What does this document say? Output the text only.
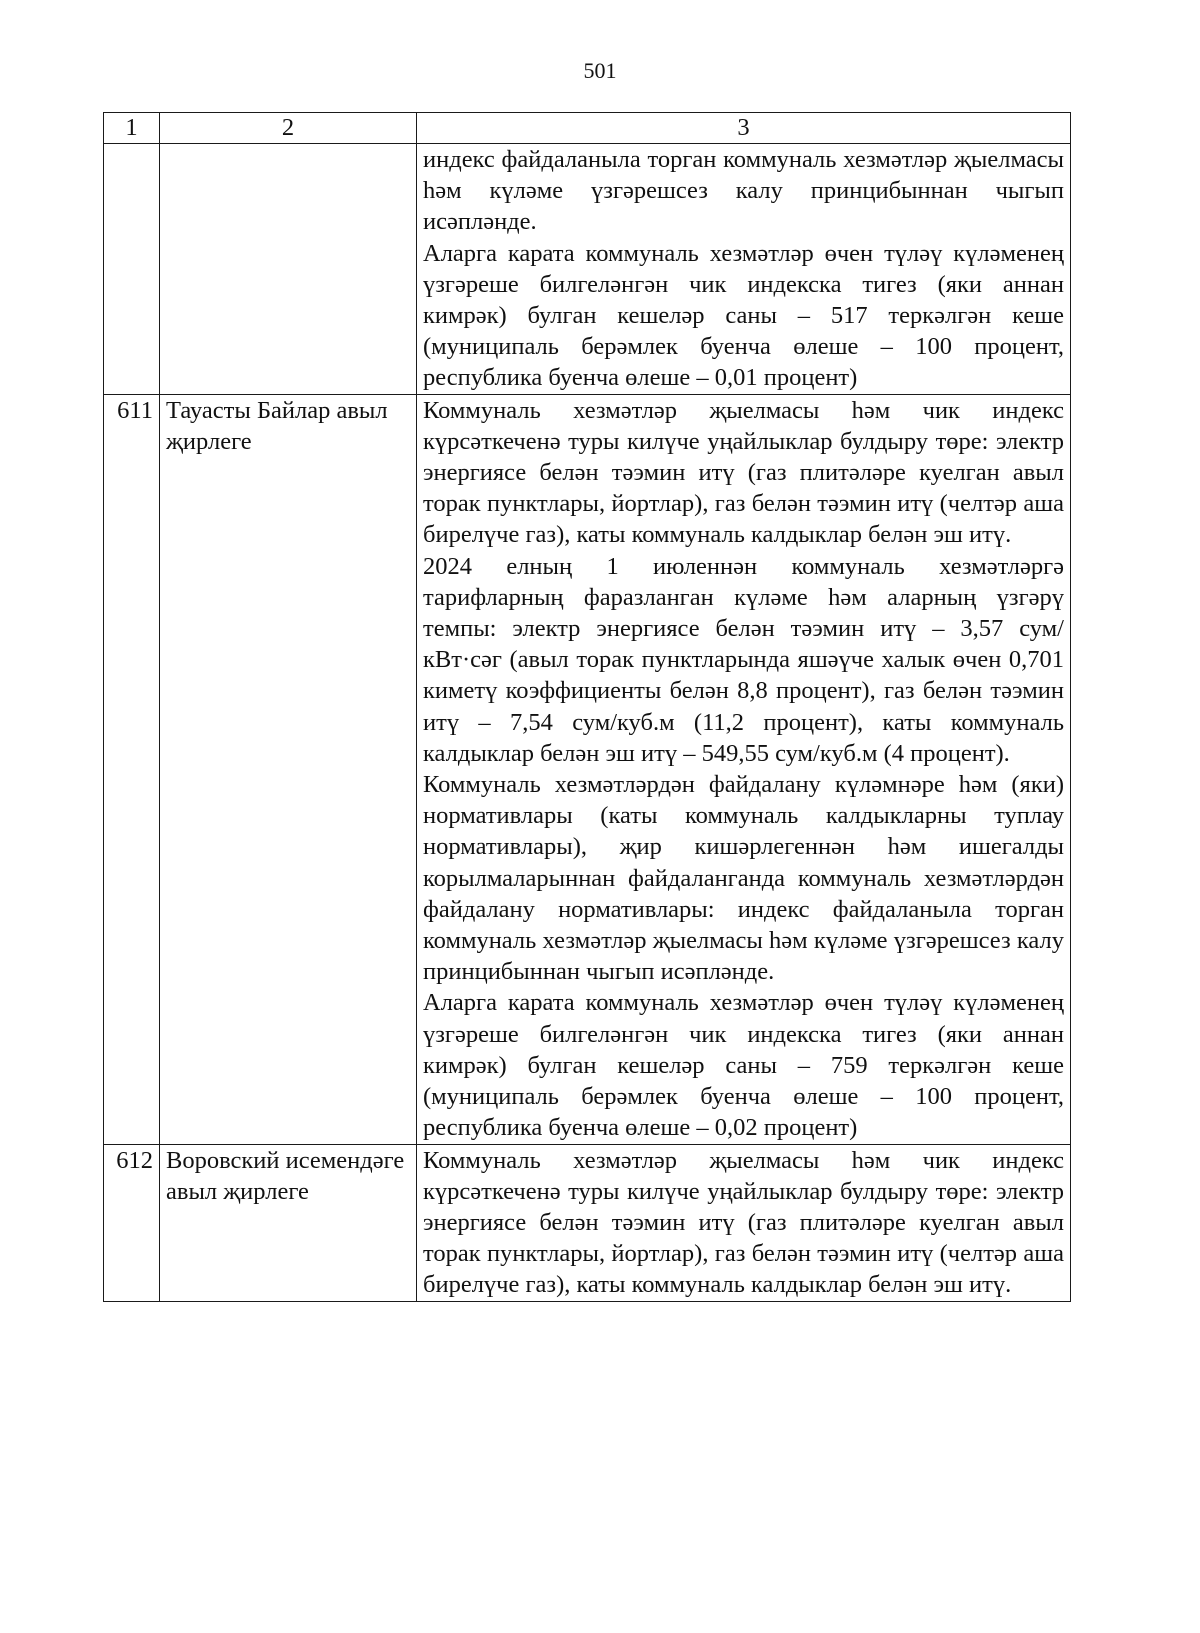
501
1	2	3

		индекс файдаланыла торган коммуналь хезмәтләр җыелмасы һәм күләме үзгәрешсез калу принцибыннан чыгып исәпләнде.

Аларга карата коммуналь хезмәтләр өчен түләү күләменең үзгәреше билгеләнгән чик индекска тигез (яки аннан кимрәк) булган кешеләр саны – 517 теркәлгән кеше (муниципаль берәмлек буенча өлеше – 100 процент, республика буенча өлеше – 0,01 процент)

611	Тауасты Байлар авыл җирлеге	Коммуналь хезмәтләр җыелмасы һәм чик индекс күрсәткеченә туры килүче уңайлыклар булдыру төре: электр энергиясе белән тәэмин итү (газ плитәләре куелган авыл торак пунктлары, йортлар), газ белән тәэмин итү (челтәр аша бирелүче газ), каты коммуналь калдыклар белән эш итү.

2024 елның 1 июленнән коммуналь хезмәтләргә тарифларның фаразланган күләме һәм аларның үзгәрү темпы: электр энергиясе белән тәэмин итү – 3,57 сум/кВт·сәг (авыл торак пунктларында яшәүче халык өчен 0,701 киметү коэффициенты белән 8,8 процент), газ белән тәэмин итү – 7,54 сум/куб.м (11,2 процент), каты коммуналь калдыклар белән эш итү – 549,55 сум/куб.м (4 процент).

Коммуналь хезмәтләрдән файдалану күләмнәре һәм (яки) нормативлары (каты коммуналь калдыкларны туплау нормативлары), җир кишәрлегеннән һәм ишегалды корылмаларыннан файдаланганда коммуналь хезмәтләрдән файдалану нормативлары: индекс файдаланыла торган коммуналь хезмәтләр җыелмасы һәм күләме үзгәрешсез калу принцибыннан чыгып исәпләнде.

Аларга карата коммуналь хезмәтләр өчен түләү күләменең үзгәреше билгеләнгән чик индекска тигез (яки аннан кимрәк) булган кешеләр саны – 759 теркәлгән кеше (муниципаль берәмлек буенча өлеше – 100 процент, республика буенча өлеше – 0,02 процент)

612	Воровский исемендәге авыл җирлеге	Коммуналь хезмәтләр җыелмасы һәм чик индекс күрсәткеченә туры килүче уңайлыклар булдыру төре: электр энергиясе белән тәэмин итү (газ плитәләре куелган авыл торак пунктлары, йортлар), газ белән тәэмин итү (челтәр аша бирелүче газ), каты коммуналь калдыклар белән эш итү.
